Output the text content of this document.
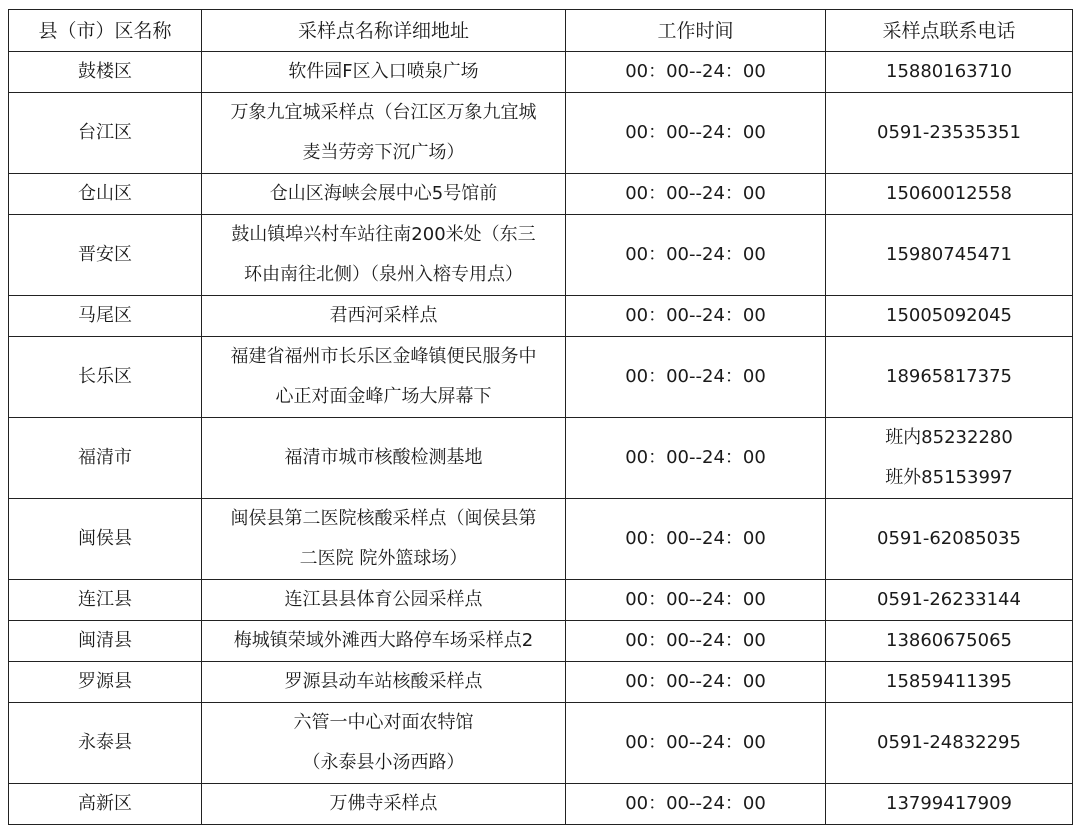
县（市）区名称	采样点名称详细地址	工作时间	采样点联系电话
鼓楼区	软件园F区入口喷泉广场	00：00--24：00	15880163710

台江区	万象九宜城采样点（台江区万象九宜城
麦当劳旁下沉广场）	00：00--24：00	0591-23535351

仓山区	仓山区海峡会展中心5号馆前	00：00--24：00	15060012558

晋安区	鼓山镇埠兴村车站往南200米处（东三
环由南往北侧）（泉州入榕专用点）	00：00--24：00	15980745471

马尾区	君西河采样点	00：00--24：00	15005092045

长乐区	福建省福州市长乐区金峰镇便民服务中
心正对面金峰广场大屏幕下	00：00--24：00	18965817375

福清市	福清市城市核酸检测基地	00：00--24：00	班内85232280
班外85153997

闽侯县	闽侯县第二医院核酸采样点（闽侯县第
二医院 院外篮球场）	00：00--24：00	0591-62085035

连江县	连江县县体育公园采样点	00：00--24：00	0591-26233144

闽清县	梅城镇荣域外滩西大路停车场采样点2	00：00--24：00	13860675065

罗源县	罗源县动车站核酸采样点	00：00--24：00	15859411395

永泰县	六管一中心对面农特馆
（永泰县小汤西路）	00：00--24：00	0591-24832295

高新区	万佛寺采样点	00：00--24：00	13799417909
